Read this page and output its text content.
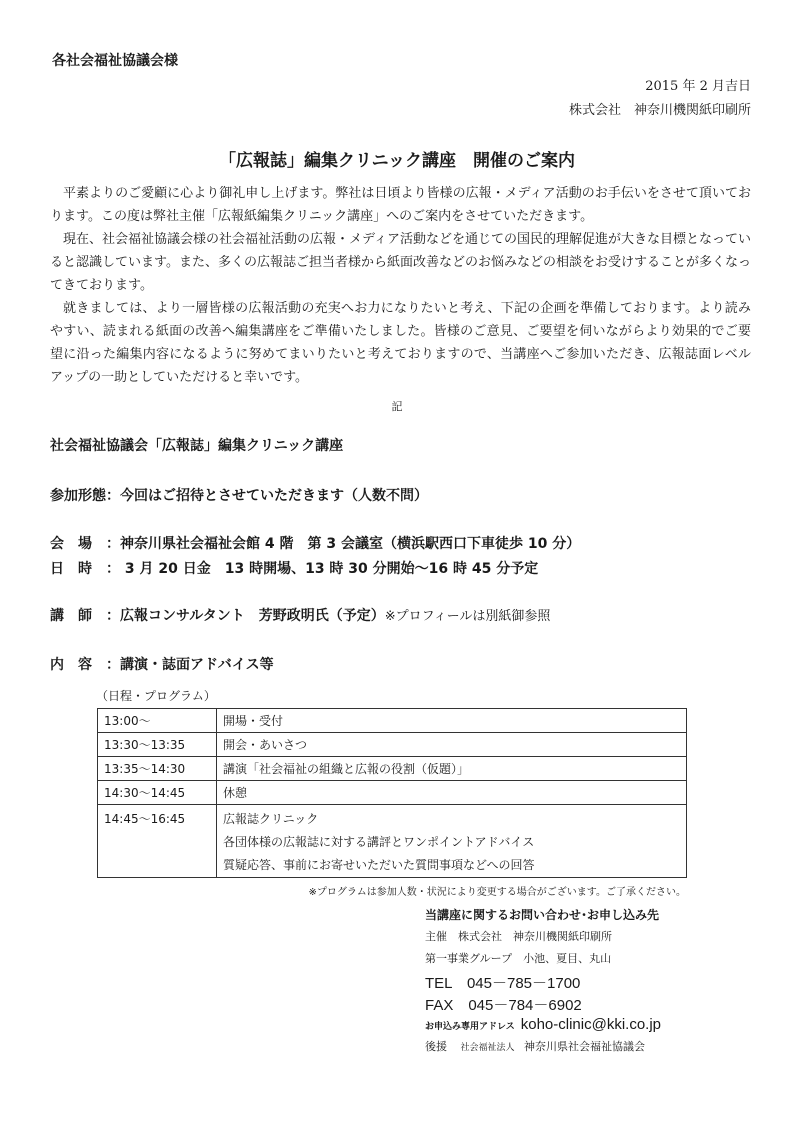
各社会福祉協議会様
2015 年 2 月吉日
株式会社　神奈川機関紙印刷所
「広報誌」編集クリニック講座　開催のご案内

平素よりのご愛顧に心より御礼申し上げます。弊社は日頃より皆様の広報・メディア活動のお手伝いをさせて頂いております。この度は弊社主催「広報紙編集クリニック講座」へのご案内をさせていただきます。

現在、社会福祉協議会様の社会福祉活動の広報・メディア活動などを通じての国民的理解促進が大きな目標となっていると認識しています。また、多くの広報誌ご担当者様から紙面改善などのお悩みなどの相談をお受けすることが多くなってきております。

就きましては、より一層皆様の広報活動の充実へお力になりたいと考え、下記の企画を準備しております。より読みやすい、読まれる紙面の改善へ編集講座をご準備いたしました。皆様のご意見、ご要望を伺いながらより効果的でご要望に沿った編集内容になるように努めてまいりたいと考えておりますので、当講座へご参加いただき、広報誌面レベルアップの一助としていただけると幸いです。

記
社会福祉協議会「広報誌」編集クリニック講座
参加形態：今回はご招待とさせていただきます（人数不問）
会　場　：神奈川県社会福祉会館 4 階　第 3 会議室（横浜駅西口下車徒歩 10 分）
日　時　： 3 月 20 日金　13 時開場、13 時 30 分開始～16 時 45 分予定
講　師　：広報コンサルタント　芳野政明氏（予定）※プロフィールは別紙御参照
内　容　：講演・誌面アドバイス等
（日程・プログラム）
13:00～	開場・受付
13:30～13:35	開会・あいさつ
13:35～14:30	講演「社会福祉の組織と広報の役割（仮題）」
14:30～14:45	休憩
14:45～16:45	広報誌クリニック
各団体様の広報誌に対する講評とワンポイントアドバイス
質疑応答、事前にお寄せいただいた質問事項などへの回答
※プログラムは参加人数・状況により変更する場合がございます。ご了承ください。
当講座に関するお問い合わせ･お申し込み先
主催　株式会社　神奈川機関紙印刷所
第一事業グループ　小池、夏目、丸山
TEL　045－785－1700
FAX　045－784－6902
お申込み専用アドレス koho-clinic@kki.co.jp
後援 社会福祉法人 神奈川県社会福祉協議会
